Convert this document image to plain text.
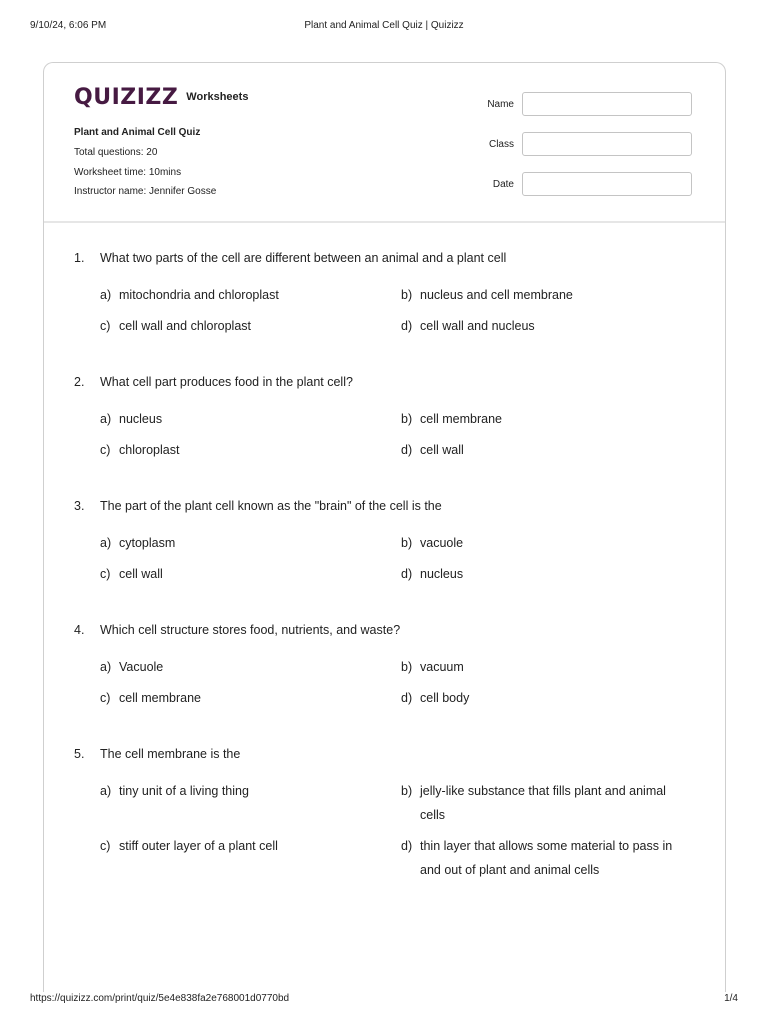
9/10/24, 6:06 PM	Plant and Animal Cell Quiz | Quizizz
QUIZIZZ Worksheets
Plant and Animal Cell Quiz
Total questions: 20
Worksheet time: 10mins
Instructor name: Jennifer Gosse
Name
Class
Date
1.	What two parts of the cell are different between an animal and a plant cell
a) mitochondria and chloroplast	b) nucleus and cell membrane
c) cell wall and chloroplast	d) cell wall and nucleus
2.	What cell part produces food in the plant cell?
a) nucleus	b) cell membrane
c) chloroplast	d) cell wall
3.	The part of the plant cell known as the "brain" of the cell is the
a) cytoplasm	b) vacuole
c) cell wall	d) nucleus
4.	Which cell structure stores food, nutrients, and waste?
a) Vacuole	b) vacuum
c) cell membrane	d) cell body
5.	The cell membrane is the
a) tiny unit of a living thing	b) jelly-like substance that fills plant and animal cells
c) stiff outer layer of a plant cell	d) thin layer that allows some material to pass in and out of plant and animal cells
https://quizizz.com/print/quiz/5e4e838fa2e768001d0770bd	1/4
